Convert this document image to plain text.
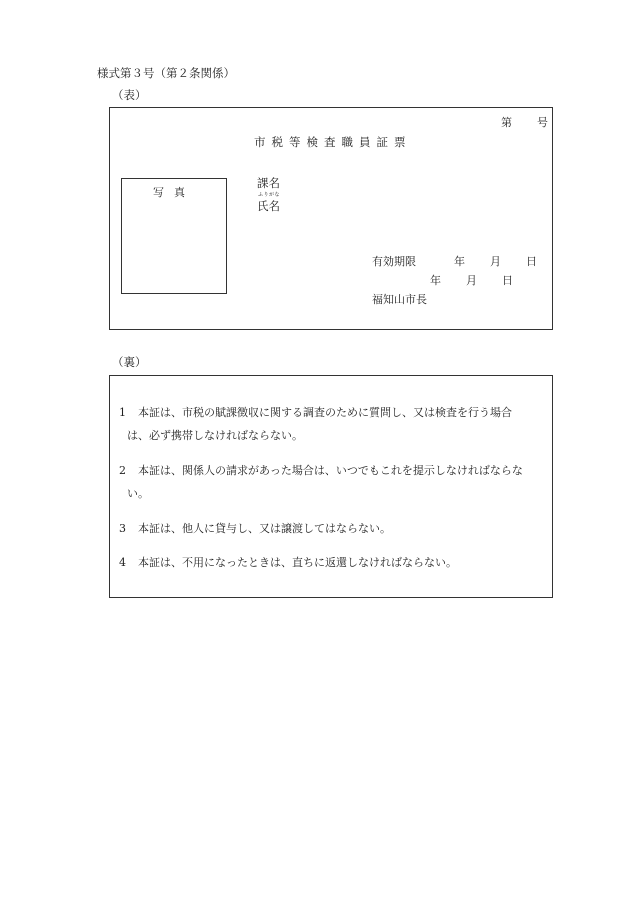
様式第３号（第２条関係）
（表）
第 号
市税等検査職員証票
写真
課名
ふりがな
氏名
有効期限	年 月 日
年 月 日
福知山市長
（裏）
1 本証は、市税の賦課徴収に関する調査のために質問し、又は検査を行う場合
は、必ず携帯しなければならない。
2 本証は、関係人の請求があった場合は、いつでもこれを提示しなければならな
い。
3 本証は、他人に貸与し、又は譲渡してはならない。
4 本証は、不用になったときは、直ちに返還しなければならない。
